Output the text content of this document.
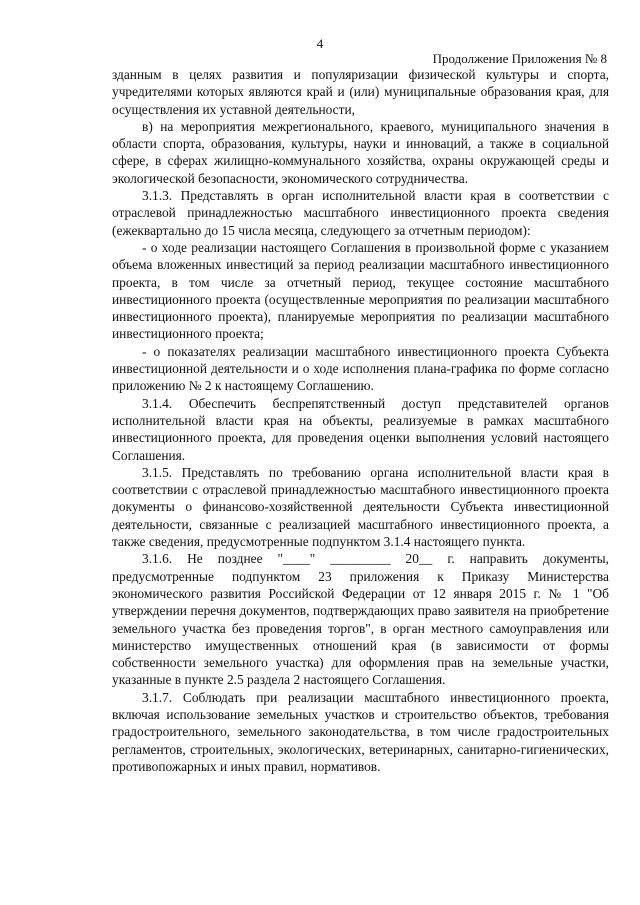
4
Продолжение Приложения № 8

зданным в целях развития и популяризации физической культуры и спорта, учредителями которых являются край и (или) муниципальные образования края, для осуществления их уставной деятельности,

в) на мероприятия межрегионального, краевого, муниципального значения в области спорта, образования, культуры, науки и инноваций, а также в социальной сфере, в сферах жилищно-коммунального хозяйства, охраны окружающей среды и экологической безопасности, экономического сотрудничества.

3.1.3. Представлять в орган исполнительной власти края в соответствии с отраслевой принадлежностью масштабного инвестиционного проекта сведения (ежеквартально до 15 числа месяца, следующего за отчетным периодом):

- о ходе реализации настоящего Соглашения в произвольной форме с указанием объема вложенных инвестиций за период реализации масштабного инвестиционного проекта, в том числе за отчетный период, текущее состояние масштабного инвестиционного проекта (осуществленные мероприятия по реализации масштабного инвестиционного проекта), планируемые мероприятия по реализации масштабного инвестиционного проекта;

- о показателях реализации масштабного инвестиционного проекта Субъекта инвестиционной деятельности и о ходе исполнения плана-графика по форме согласно приложению № 2 к настоящему Соглашению.

3.1.4. Обеспечить беспрепятственный доступ представителей органов исполнительной власти края на объекты, реализуемые в рамках масштабного инвестиционного проекта, для проведения оценки выполнения условий настоящего Соглашения.

3.1.5. Представлять по требованию органа исполнительной власти края в соответствии с отраслевой принадлежностью масштабного инвестиционного проекта документы о финансово-хозяйственной деятельности Субъекта инвестиционной деятельности, связанные с реализацией масштабного инвестиционного проекта, а также сведения, предусмотренные подпунктом 3.1.4 настоящего пункта.

3.1.6. Не позднее "____" _________ 20__ г. направить документы, предусмотренные подпунктом 23 приложения к Приказу Министерства экономического развития Российской Федерации от 12 января 2015 г. № 1 "Об утверждении перечня документов, подтверждающих право заявителя на приобретение земельного участка без проведения торгов", в орган местного самоуправления или министерство имущественных отношений края (в зависимости от формы собственности земельного участка) для оформления прав на земельные участки, указанные в пункте 2.5 раздела 2 настоящего Соглашения.

3.1.7. Соблюдать при реализации масштабного инвестиционного проекта, включая использование земельных участков и строительство объектов, требования градостроительного, земельного законодательства, в том числе градостроительных регламентов, строительных, экологических, ветеринарных, санитарно-гигиенических, противопожарных и иных правил, нормативов.
